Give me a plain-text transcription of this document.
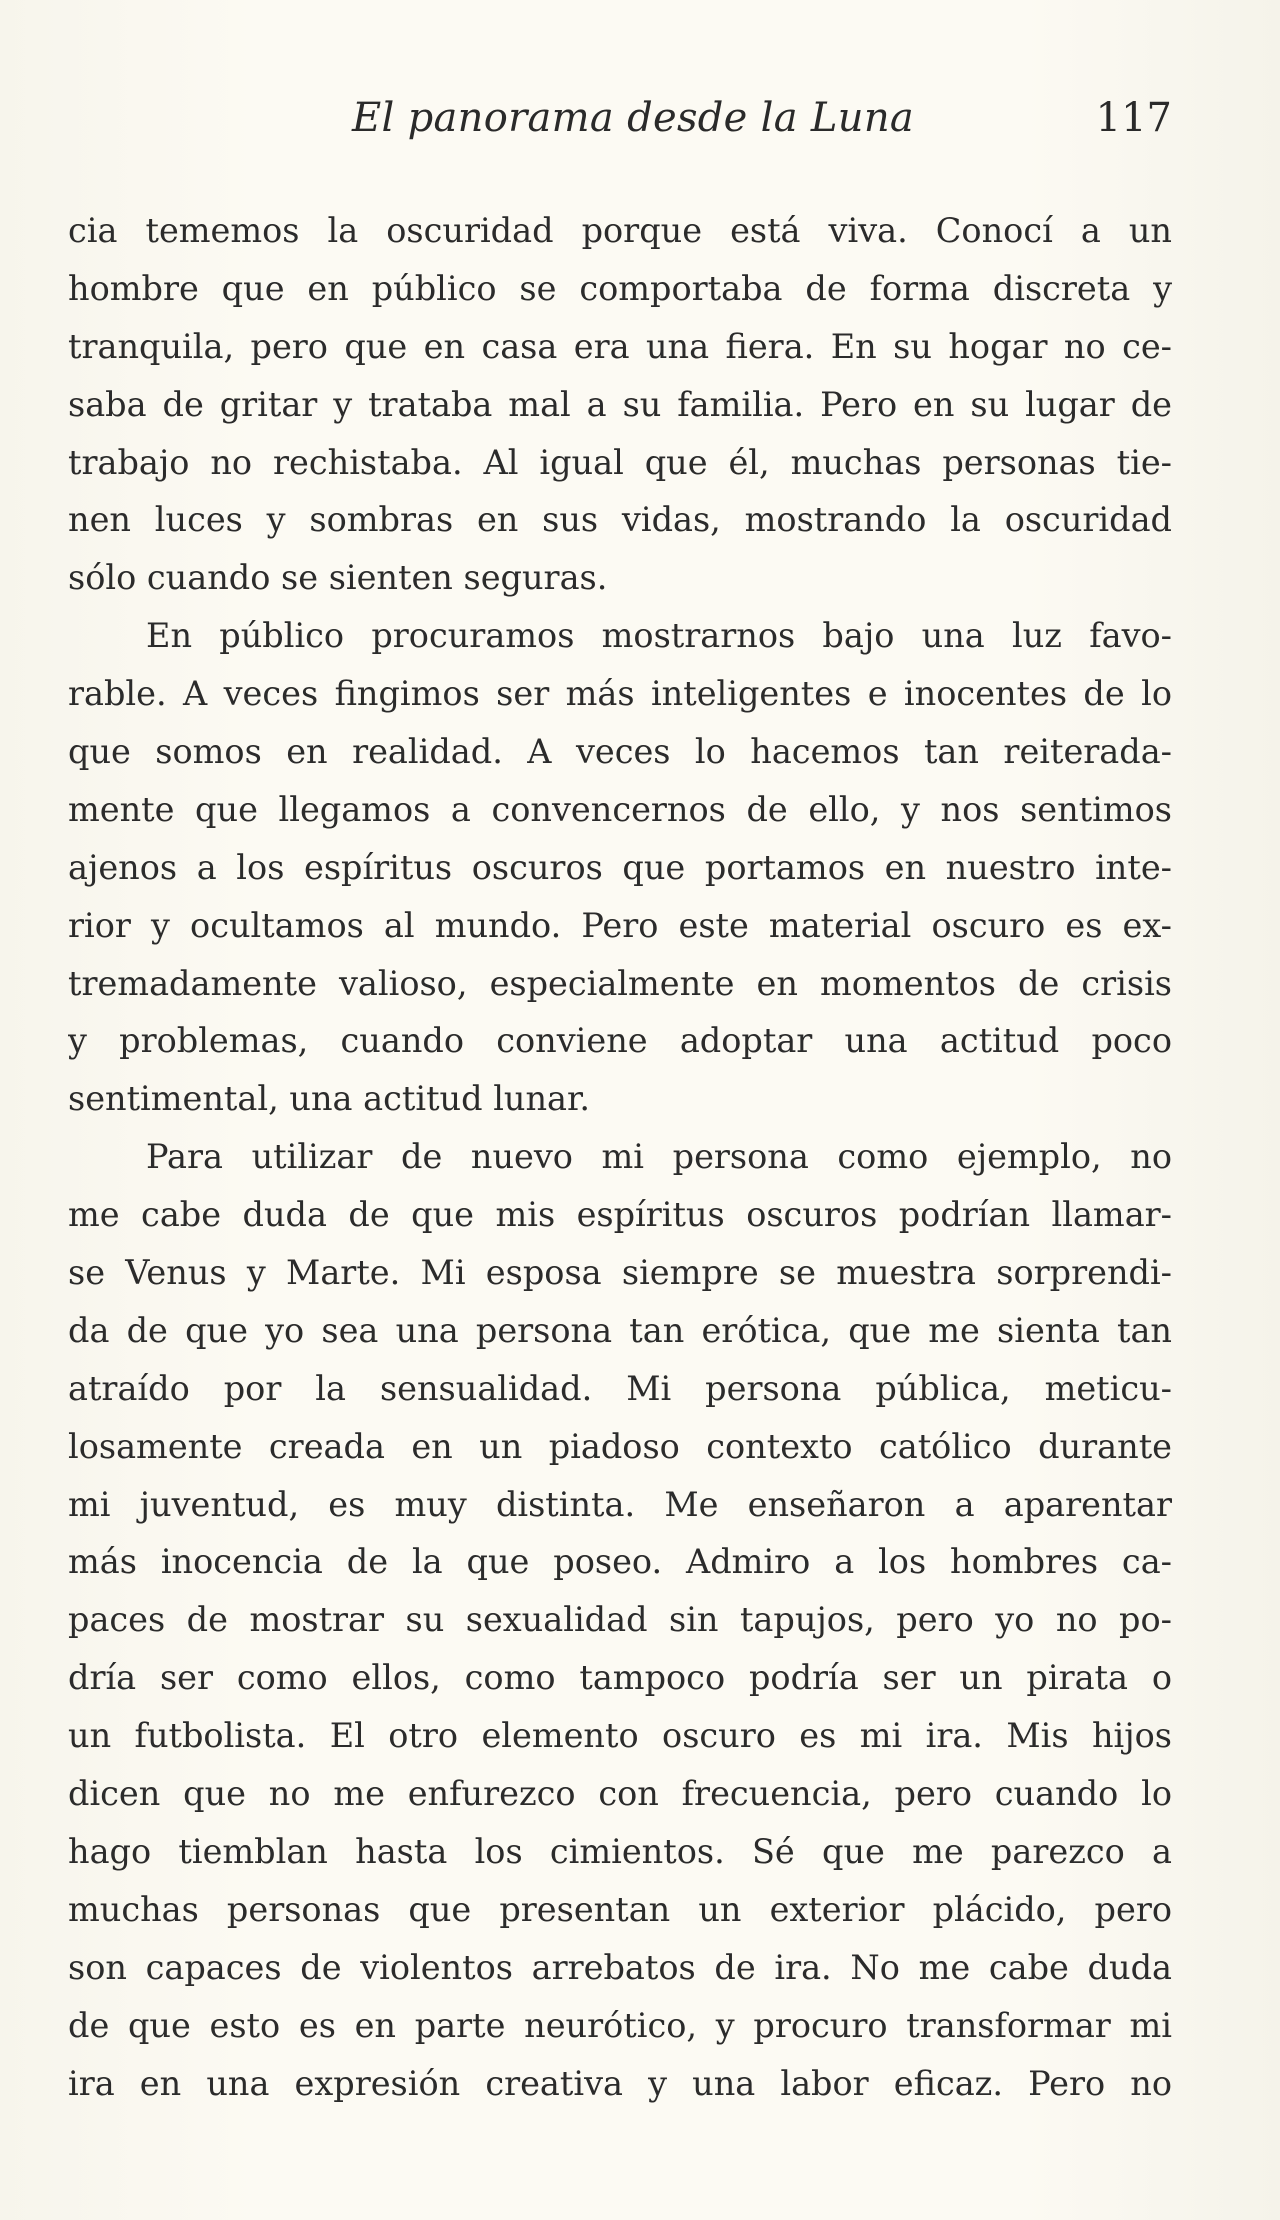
El panorama desde la Luna	117
cia tememos la oscuridad porque está viva. Conocí a un
hombre que en público se comportaba de forma discreta y
tranquila, pero que en casa era una fiera. En su hogar no ce-
saba de gritar y trataba mal a su familia. Pero en su lugar de
trabajo no rechistaba. Al igual que él, muchas personas tie-
nen luces y sombras en sus vidas, mostrando la oscuridad
sólo cuando se sienten seguras.
En público procuramos mostrarnos bajo una luz favo-
rable. A veces fingimos ser más inteligentes e inocentes de lo
que somos en realidad. A veces lo hacemos tan reiterada-
mente que llegamos a convencernos de ello, y nos sentimos
ajenos a los espíritus oscuros que portamos en nuestro inte-
rior y ocultamos al mundo. Pero este material oscuro es ex-
tremadamente valioso, especialmente en momentos de crisis
y problemas, cuando conviene adoptar una actitud poco
sentimental, una actitud lunar.
Para utilizar de nuevo mi persona como ejemplo, no
me cabe duda de que mis espíritus oscuros podrían llamar-
se Venus y Marte. Mi esposa siempre se muestra sorprendi-
da de que yo sea una persona tan erótica, que me sienta tan
atraído por la sensualidad. Mi persona pública, meticu-
losamente creada en un piadoso contexto católico durante
mi juventud, es muy distinta. Me enseñaron a aparentar
más inocencia de la que poseo. Admiro a los hombres ca-
paces de mostrar su sexualidad sin tapujos, pero yo no po-
dría ser como ellos, como tampoco podría ser un pirata o
un futbolista. El otro elemento oscuro es mi ira. Mis hijos
dicen que no me enfurezco con frecuencia, pero cuando lo
hago tiemblan hasta los cimientos. Sé que me parezco a
muchas personas que presentan un exterior plácido, pero
son capaces de violentos arrebatos de ira. No me cabe duda
de que esto es en parte neurótico, y procuro transformar mi
ira en una expresión creativa y una labor eficaz. Pero no
